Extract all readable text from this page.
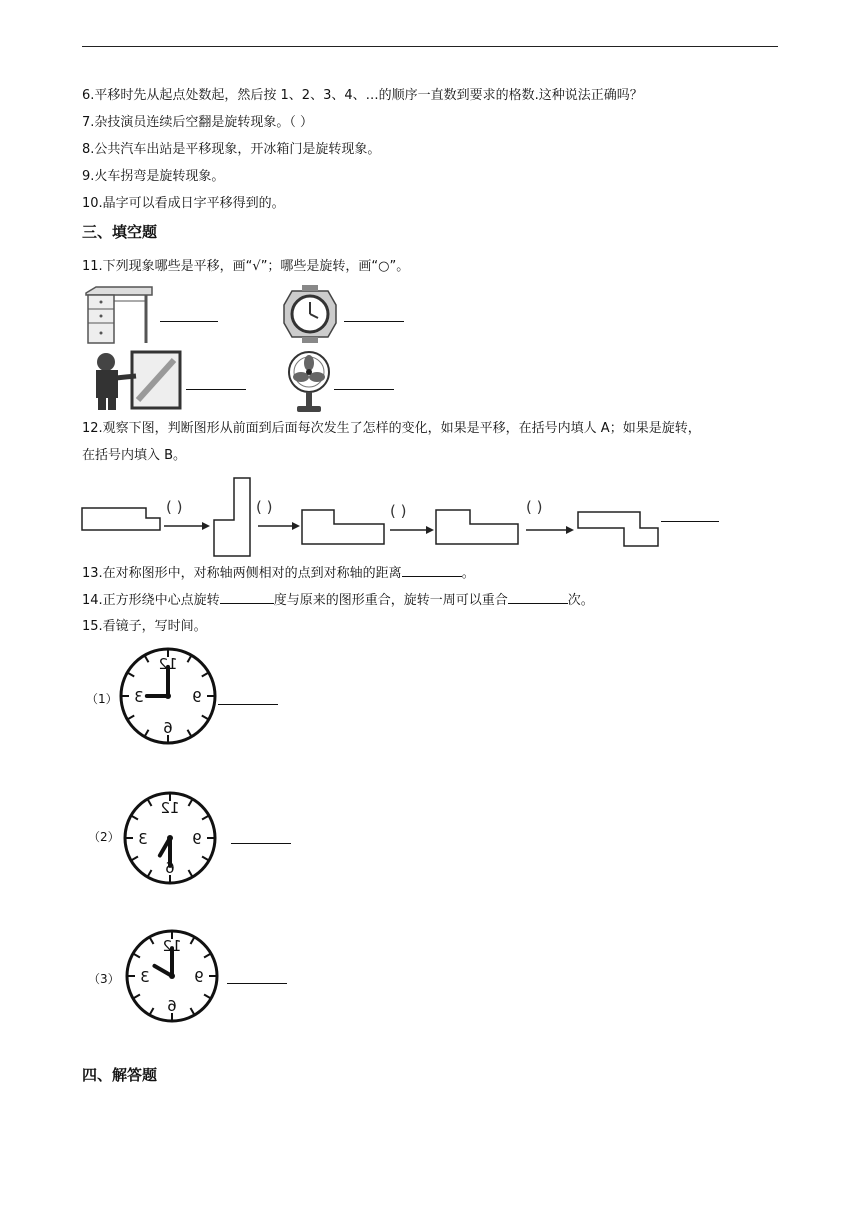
6.平移时先从起点处数起，然后按 1、2、3、4、…的顺序一直数到要求的格数.这种说法正确吗？
7.杂技演员连续后空翻是旋转现象。（ ）
8.公共汽车出站是平移现象，开冰箱门是旋转现象。
9.火车拐弯是旋转现象。
10.晶字可以看成日字平移得到的。
三、填空题
11.下列现象哪些是平移，画“√”；哪些是旋转，画“○”。
12.观察下图，判断图形从前面到后面每次发生了怎样的变化，如果是平移，在括号内填人 A；如果是旋转，
在括号内填入 B。
( )	( )	( )	( )
13.在对称图形中，对称轴两侧相对的点到对称轴的距离	。
14.正方形绕中心点旋转	度与原来的图形重合，旋转一周可以重合	次。
15.看镜子，写时间。
（1）
12
3
6
9
（2）
12
3
6
9
（3）
12
3
6
9
四、解答题
